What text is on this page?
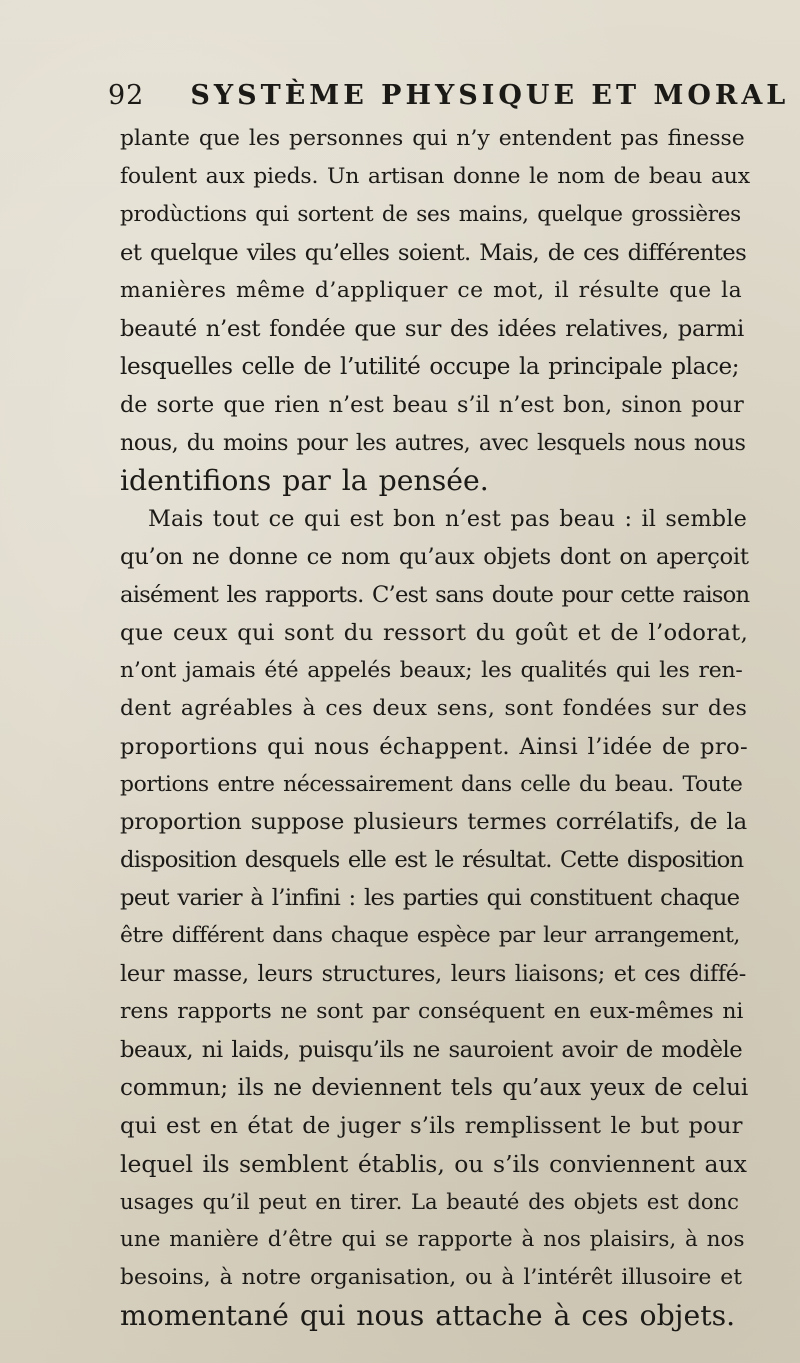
92 SYSTÈME PHYSIQUE ET MORAL
plante que les personnes qui n’y entendent pas finesse
foulent aux pieds. Un artisan donne le nom de beau aux
prodùctions qui sortent de ses mains, quelque grossières
et quelque viles qu’elles soient. Mais, de ces différentes
manières même d’appliquer ce mot, il résulte que la
beauté n’est fondée que sur des idées relatives, parmi
lesquelles celle de l’utilité occupe la principale place;
de sorte que rien n’est beau s’il n’est bon, sinon pour
nous, du moins pour les autres, avec lesquels nous nous
identifions par la pensée.
Mais tout ce qui est bon n’est pas beau : il semble
qu’on ne donne ce nom qu’aux objets dont on aperçoit
aisément les rapports. C’est sans doute pour cette raison
que ceux qui sont du ressort du goût et de l’odorat,
n’ont jamais été appelés beaux; les qualités qui les ren-
dent agréables à ces deux sens, sont fondées sur des
proportions qui nous échappent. Ainsi l’idée de pro-
portions entre nécessairement dans celle du beau. Toute
proportion suppose plusieurs termes corrélatifs, de la
disposition desquels elle est le résultat. Cette disposition
peut varier à l’infini : les parties qui constituent chaque
être différent dans chaque espèce par leur arrangement,
leur masse, leurs structures, leurs liaisons; et ces diffé-
rens rapports ne sont par conséquent en eux-mêmes ni
beaux, ni laids, puisqu’ils ne sauroient avoir de modèle
commun; ils ne deviennent tels qu’aux yeux de celui
qui est en état de juger s’ils remplissent le but pour
lequel ils semblent établis, ou s’ils conviennent aux
usages qu’il peut en tirer. La beauté des objets est donc
une manière d’être qui se rapporte à nos plaisirs, à nos
besoins, à notre organisation, ou à l’intérêt illusoire et
momentané qui nous attache à ces objets.
